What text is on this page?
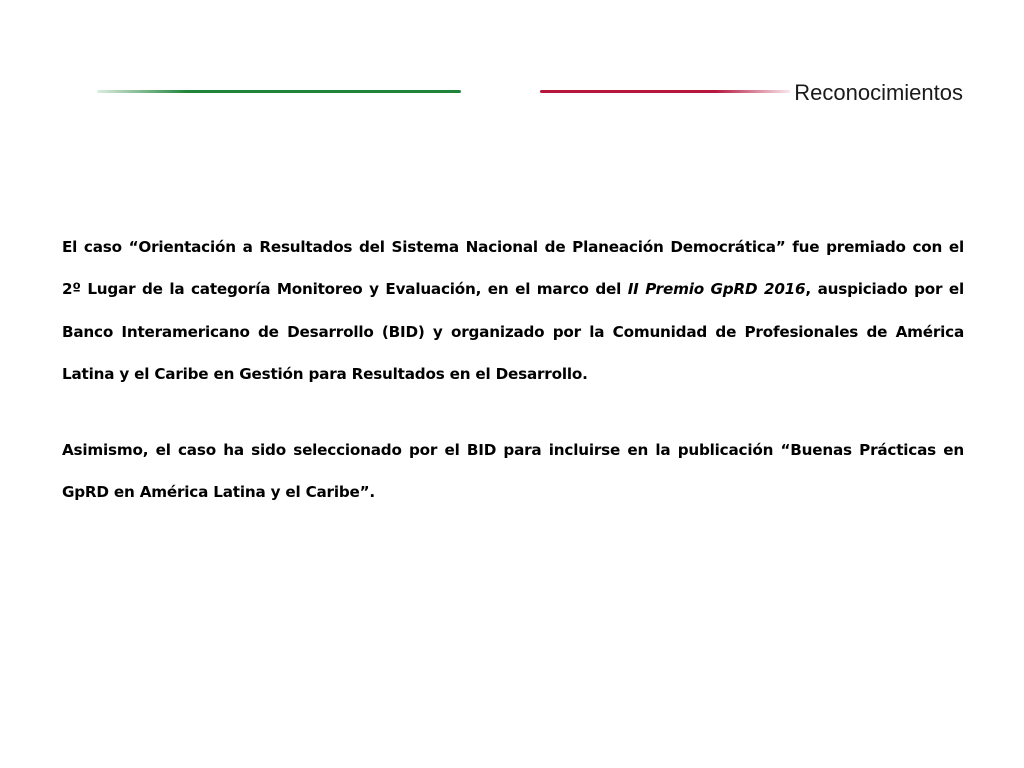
Reconocimientos

El caso “Orientación a Resultados del Sistema Nacional de Planeación Democrática” fue premiado con el 2º Lugar de la categoría Monitoreo y Evaluación, en el marco del II Premio GpRD 2016, auspiciado por el Banco Interamericano de Desarrollo (BID) y organizado por la Comunidad de Profesionales de América Latina y el Caribe en Gestión para Resultados en el Desarrollo.

Asimismo, el caso ha sido seleccionado por el BID para incluirse en la publicación “Buenas Prácticas en GpRD en América Latina y el Caribe”.
